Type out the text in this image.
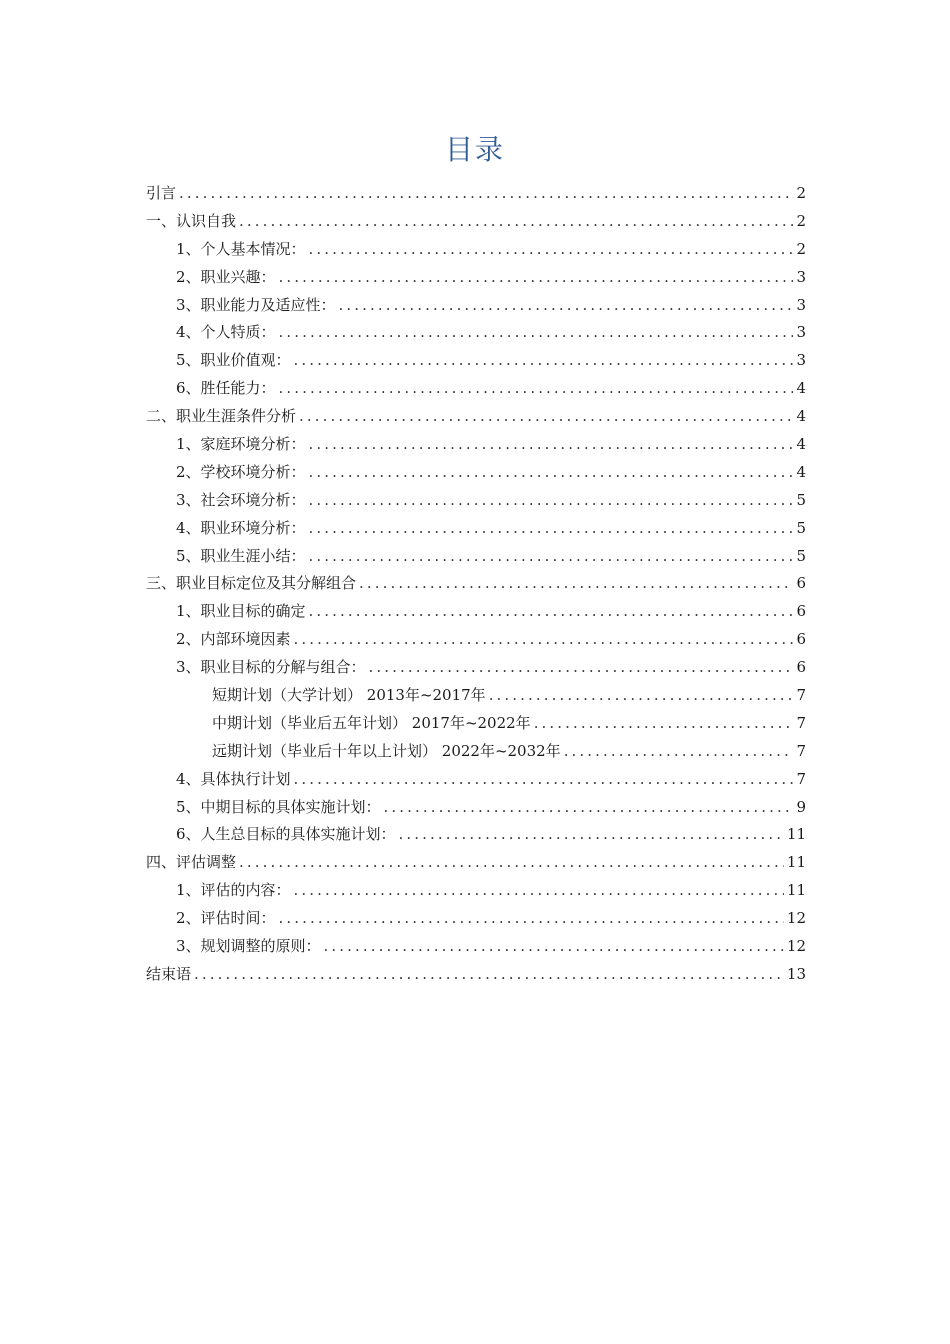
目录
引言 .....	2
一、认识自我 .....	2
1、个人基本情况： .....	2
2、职业兴趣： .....	3
3、职业能力及适应性： .....	3
4、个人特质： .....	3
5、职业价值观： .....	3
6、胜任能力： .....	4
二、职业生涯条件分析 .....	4
1、家庭环境分析： .....	4
2、学校环境分析： .....	4
3、社会环境分析： .....	5
4、职业环境分析： .....	5
5、职业生涯小结： .....	5
三、职业目标定位及其分解组合 .....	6
1、职业目标的确定 .....	6
2、内部环境因素 .....	6
3、职业目标的分解与组合： .....	6
短期计划（大学计划） 2013年~2017年 .....	7
中期计划（毕业后五年计划） 2017年~2022年 .....	7
远期计划（毕业后十年以上计划） 2022年~2032年 .....	7
4、具体执行计划 .....	7
5、中期目标的具体实施计划： .....	9
6、人生总目标的具体实施计划： .....	11
四、评估调整 .....	11
1、评估的内容： .....	11
2、评估时间： .....	12
3、规划调整的原则： .....	12
结束语 .....	13
